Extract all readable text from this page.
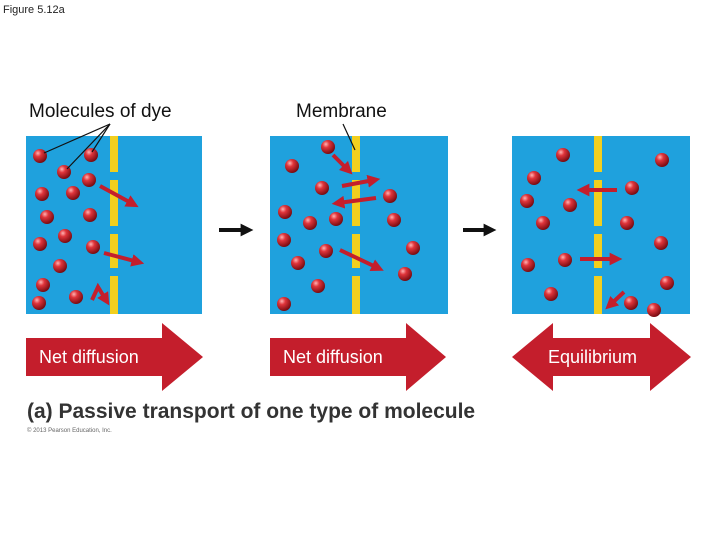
Figure 5.12a
Molecules of dye	Membrane
Net diffusion	Net diffusion	Equilibrium
(a) Passive transport of one type of molecule
© 2013 Pearson Education, Inc.
